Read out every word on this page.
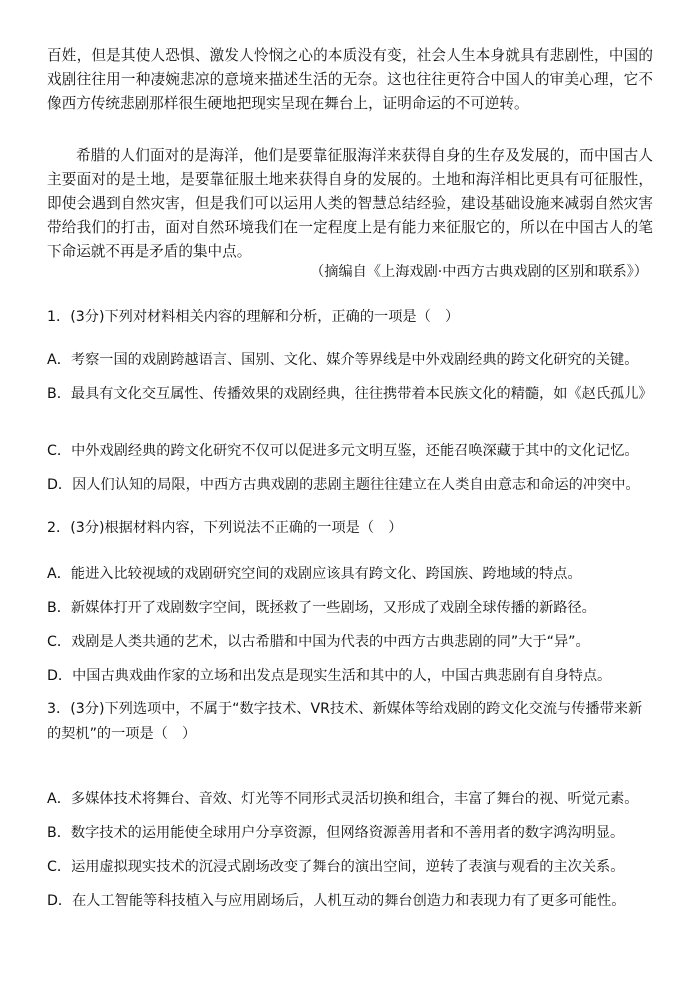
百姓，但是其使人恐惧、激发人怜悯之心的本质没有变，社会人生本身就具有悲剧性，中国的戏剧往往用一种凄婉悲凉的意境来描述生活的无奈。这也往往更符合中国人的审美心理，它不像西方传统悲剧那样很生硬地把现实呈现在舞台上，证明命运的不可逆转。

希腊的人们面对的是海洋，他们是要靠征服海洋来获得自身的生存及发展的，而中国古人主要面对的是土地，是要靠征服土地来获得自身的发展的。土地和海洋相比更具有可征服性，即使会遇到自然灾害，但是我们可以运用人类的智慧总结经验，建设基础设施来减弱自然灾害带给我们的打击，面对自然环境我们在一定程度上是有能力来征服它的，所以在中国古人的笔下命运就不再是矛盾的集中点。

（摘编自《上海戏剧·中西方古典戏剧的区别和联系》）
1．(3分)下列对材料相关内容的理解和分析，正确的一项是（　）
A．考察一国的戏剧跨越语言、国别、文化、媒介等界线是中外戏剧经典的跨文化研究的关键。
B．最具有文化交互属性、传播效果的戏剧经典，往往携带着本民族文化的精髓，如《赵氏孤儿》
C．中外戏剧经典的跨文化研究不仅可以促进多元文明互鉴，还能召唤深藏于其中的文化记忆。
D．因人们认知的局限，中西方古典戏剧的悲剧主题往往建立在人类自由意志和命运的冲突中。
2．(3分)根据材料内容，下列说法不正确的一项是（　）
A．能进入比较视域的戏剧研究空间的戏剧应该具有跨文化、跨国族、跨地域的特点。
B．新媒体打开了戏剧数字空间，既拯救了一些剧场，又形成了戏剧全球传播的新路径。
C．戏剧是人类共通的艺术，以古希腊和中国为代表的中西方古典悲剧的同”大于“异”。
D．中国古典戏曲作家的立场和出发点是现实生活和其中的人，中国古典悲剧有自身特点。
3．(3分)下列选项中，不属于“数字技术、VR技术、新媒体等给戏剧的跨文化交流与传播带来新的契机”的一项是（　）
A．多媒体技术将舞台、音效、灯光等不同形式灵活切换和组合，丰富了舞台的视、听觉元素。
B．数字技术的运用能使全球用户分享资源，但网络资源善用者和不善用者的数字鸿沟明显。
C．运用虚拟现实技术的沉浸式剧场改变了舞台的演出空间，逆转了表演与观看的主次关系。
D．在人工智能等科技植入与应用剧场后，人机互动的舞台创造力和表现力有了更多可能性。
